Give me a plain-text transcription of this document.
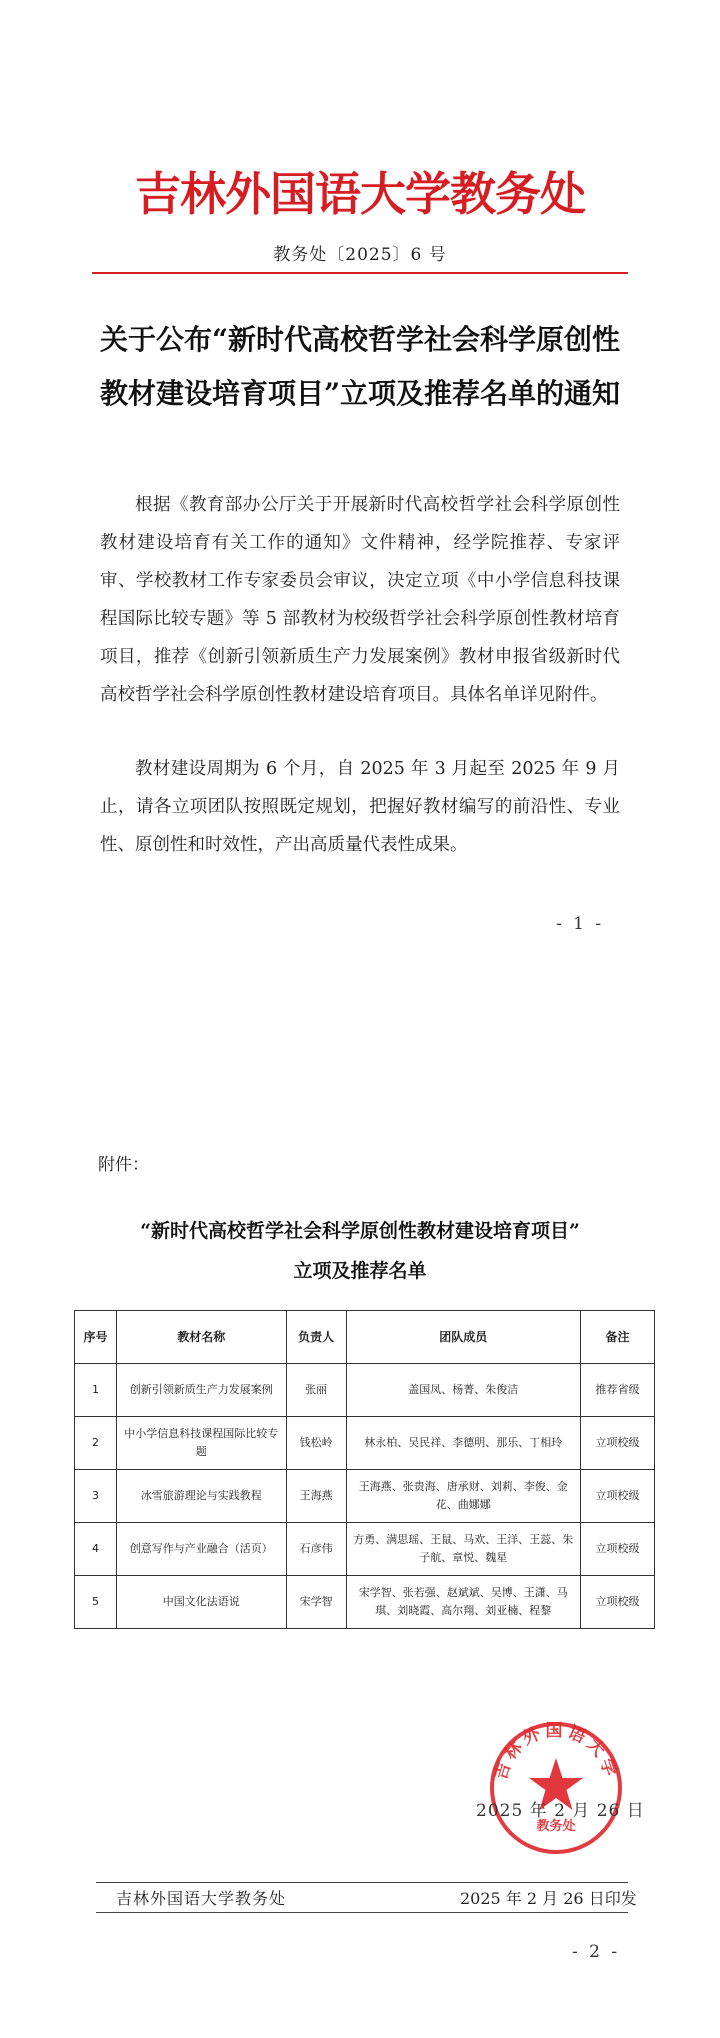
吉林外国语大学教务处
教务处〔2025〕6 号
关于公布“新时代高校哲学社会科学原创性
教材建设培育项目”立项及推荐名单的通知
根据《教育部办公厅关于开展新时代高校哲学社会科学原创性教材建设培育有关工作的通知》文件精神，经学院推荐、专家评审、学校教材工作专家委员会审议，决定立项《中小学信息科技课程国际比较专题》等 5 部教材为校级哲学社会科学原创性教材培育项目，推荐《创新引领新质生产力发展案例》教材申报省级新时代高校哲学社会科学原创性教材建设培育项目。具体名单详见附件。
教材建设周期为 6 个月，自 2025 年 3 月起至 2025 年 9 月止，请各立项团队按照既定规划，把握好教材编写的前沿性、专业性、原创性和时效性，产出高质量代表性成果。
- 1 -
附件：
“新时代高校哲学社会科学原创性教材建设培育项目”
立项及推荐名单
序号	教材名称	负责人	团队成员	备注
1	创新引领新质生产力发展案例	张丽	盖国凤、杨菁、朱俊洁	推荐省级
2	中小学信息科技课程国际比较专题	钱松岭	林永柏、吴民祥、李德明、那乐、丁相玲	立项校级
3	冰雪旅游理论与实践教程	王海燕	王海燕、张贵海、唐承财、刘莉、李俊、金花、曲娜娜	立项校级
4	创意写作与产业融合（活页）	石彦伟	方勇、满思瑶、王鼠、马欢、王洋、王蕊、朱子航、章悦、魏星	立项校级
5	中国文化法语说	宋学智	宋学智、张若强、赵斌斌、吴博、王潇、马琪、刘晓霞、高尔翔、刘亚楠、程黎	立项校级
吉林外国语大学
教务处
2025 年 2 月 26 日
吉林外国语大学教务处	2025 年 2 月 26 日印发
- 2 -
